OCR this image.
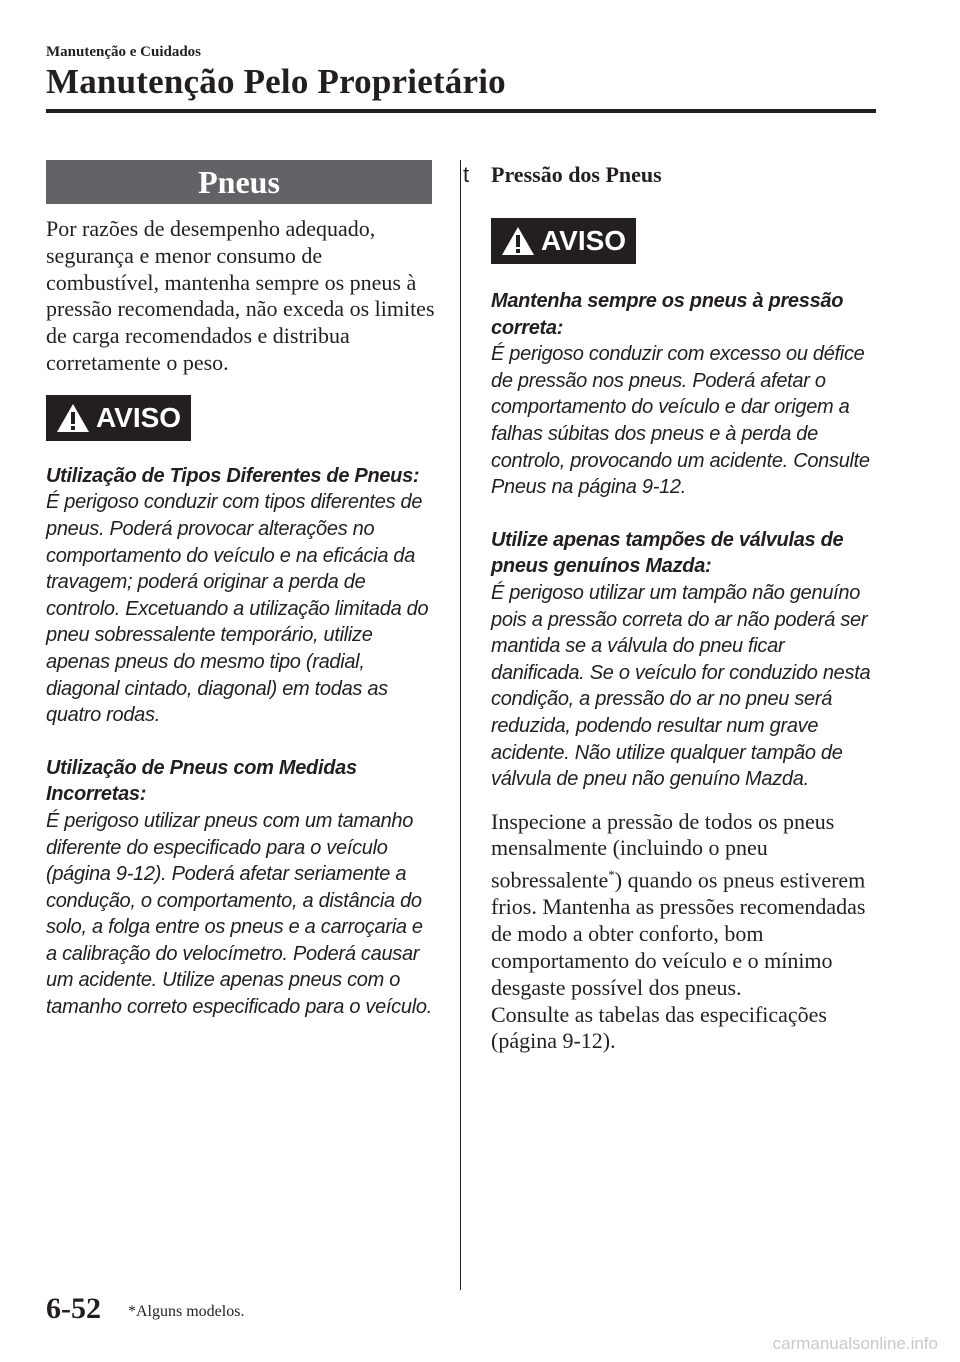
Manutenção e Cuidados
Manutenção Pelo Proprietário
Pneus
Por razões de desempenho adequado, segurança e menor consumo de combustível, mantenha sempre os pneus à pressão recomendada, não exceda os limites de carga recomendados e distribua corretamente o peso.
AVISO
Utilização de Tipos Diferentes de Pneus:
É perigoso conduzir com tipos diferentes de pneus. Poderá provocar alterações no comportamento do veículo e na eficácia da travagem; poderá originar a perda de controlo. Excetuando a utilização limitada do pneu sobressalente temporário, utilize apenas pneus do mesmo tipo (radial, diagonal cintado, diagonal) em todas as quatro rodas.
Utilização de Pneus com Medidas Incorretas:
É perigoso utilizar pneus com um tamanho diferente do especificado para o veículo (página 9-12). Poderá afetar seriamente a condução, o comportamento, a distância do solo, a folga entre os pneus e a carroçaria e a calibração do velocímetro. Poderá causar um acidente. Utilize apenas pneus com o tamanho correto especificado para o veículo.
t Pressão dos Pneus
AVISO
Mantenha sempre os pneus à pressão correta:
É perigoso conduzir com excesso ou défice de pressão nos pneus. Poderá afetar o comportamento do veículo e dar origem a falhas súbitas dos pneus e à perda de controlo, provocando um acidente. Consulte Pneus na página 9-12.
Utilize apenas tampões de válvulas de pneus genuínos Mazda:
É perigoso utilizar um tampão não genuíno pois a pressão correta do ar não poderá ser mantida se a válvula do pneu ficar danificada. Se o veículo for conduzido nesta condição, a pressão do ar no pneu será reduzida, podendo resultar num grave acidente. Não utilize qualquer tampão de válvula de pneu não genuíno Mazda.
Inspecione a pressão de todos os pneus mensalmente (incluindo o pneu sobressalente*) quando os pneus estiverem frios. Mantenha as pressões recomendadas de modo a obter conforto, bom comportamento do veículo e o mínimo desgaste possível dos pneus.
Consulte as tabelas das especificações (página 9-12).
6-52 *Alguns modelos.
carmanualsonline.info
